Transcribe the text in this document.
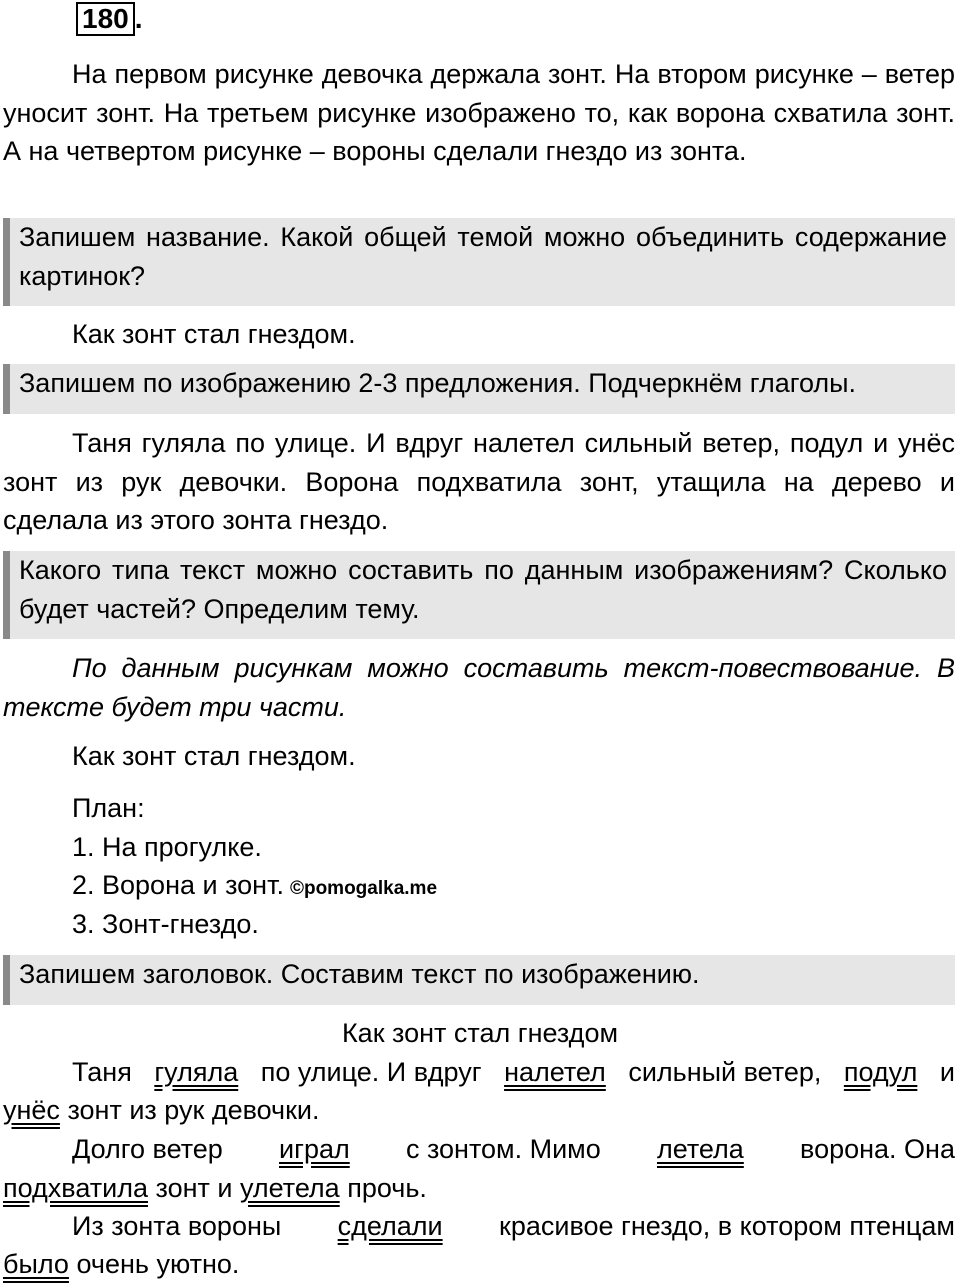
180 .
На первом рисунке девочка держала зонт. На втором рисунке – ветер уносит зонт. На третьем рисунке изображено то, как ворона схватила зонт. А на четвертом рисунке – вороны сделали гнездо из зонта.
Запишем название. Какой общей темой можно объединить содержание картинок?
Как зонт стал гнездом.
Запишем по изображению 2-3 предложения. Подчеркнём глаголы.
Таня гуляла по улице. И вдруг налетел сильный ветер, подул и унёс зонт из рук девочки. Ворона подхватила зонт, утащила на дерево и сделала из этого зонта гнездо.
Какого типа текст можно составить по данным изображениям? Сколько будет частей? Определим тему.
По данным рисункам можно составить текст-повествование. В тексте будет три части.
Как зонт стал гнездом.
План:
1. На прогулке.
2. Ворона и зонт. ©pomogalka.me
3. Зонт-гнездо.
Запишем заголовок. Составим текст по изображению.
Как зонт стал гнездом
Таня гуляла по улице. И вдруг налетел сильный ветер, подул и
унёс зонт из рук девочки.
Долго ветер играл с зонтом. Мимо летела ворона. Она
подхватила зонт и улетела прочь.
Из зонта вороны сделали красивое гнездо, в котором птенцам
было очень уютно.
